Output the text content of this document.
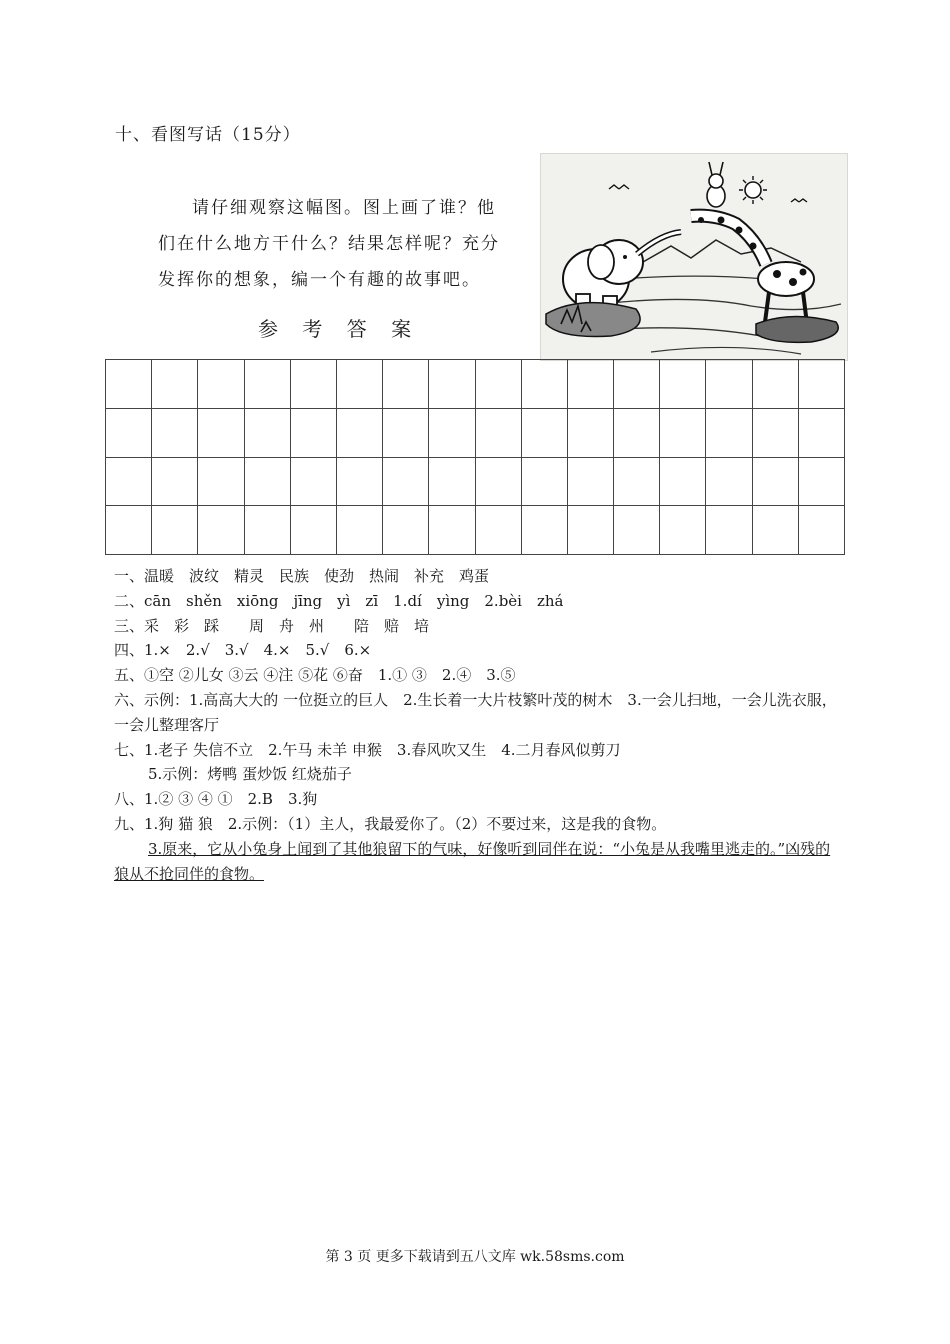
十、看图写话（15分）

请仔细观察这幅图。图上画了谁？他

们在什么地方干什么？结果怎样呢？充分

发挥你的想象，编一个有趣的故事吧。

参 考 答 案

一、温暖　波纹　精灵　民族　使劲　热闹　补充　鸡蛋
二、cān　shěn　xiōng　jīng　yì　zī　1.dí　yìng　2.bèi　zhá
三、采　彩　踩　　周　舟　州　　陪　赔　培
四、1.×　2.√　3.√　4.×　5.√　6.×
五、①空 ②儿女 ③云 ④注 ⑤花 ⑥奋　1.① ③　2.④　3.⑤
六、示例：1.高高大大的 一位挺立的巨人　2.生长着一大片枝繁叶茂的树木　3.一会儿扫地，一会儿洗衣服，一会儿整理客厅
七、1.老子 失信不立　2.午马 未羊 申猴　3.春风吹又生　4.二月春风似剪刀
5.示例：烤鸭 蛋炒饭 红烧茄子
八、1.② ③ ④ ①　2.B　3.狗
九、1.狗 猫 狼　2.示例：（1）主人，我最爱你了。（2）不要过来，这是我的食物。
3.原来，它从小兔身上闻到了其他狼留下的气味，好像听到同伴在说：“小兔是从我嘴里逃走的。”凶残的狼从不抢同伴的食物。
第 3 页 更多下载请到五八文库 wk.58sms.com
